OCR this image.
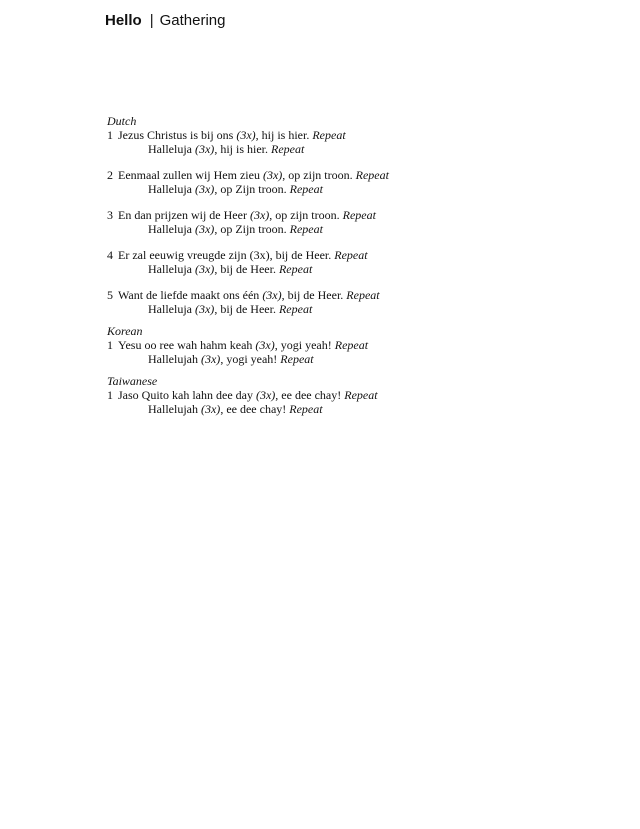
Hello | Gathering

Dutch

1 Jezus Christus is bij ons (3x), hij is hier. Repeat
Halleluja (3x), hij is hier. Repeat
2 Eenmaal zullen wij Hem zieu (3x), op zijn troon. Repeat
Halleluja (3x), op Zijn troon. Repeat
3 En dan prijzen wij de Heer (3x), op zijn troon. Repeat
Halleluja (3x), op Zijn troon. Repeat
4 Er zal eeuwig vreugde zijn (3x), bij de Heer. Repeat
Halleluja (3x), bij de Heer. Repeat
5 Want de liefde maakt ons één (3x), bij de Heer. Repeat
Halleluja (3x), bij de Heer. Repeat

Korean

1 Yesu oo ree wah hahm keah (3x), yogi yeah! Repeat
Hallelujah (3x), yogi yeah! Repeat

Taiwanese

1 Jaso Quito kah lahn dee day (3x), ee dee chay! Repeat
Hallelujah (3x), ee dee chay! Repeat
